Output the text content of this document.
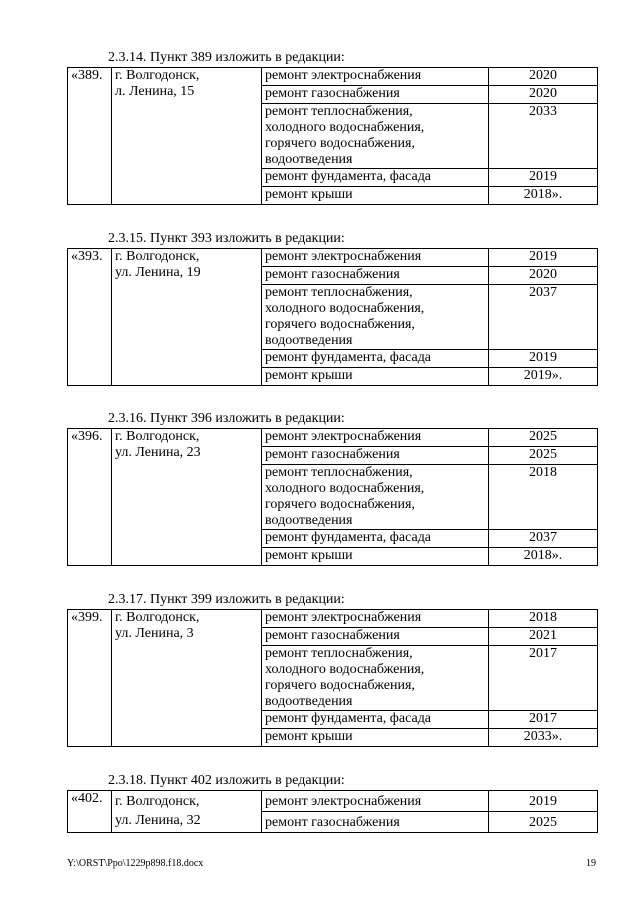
2.3.14. Пункт 389 изложить в редакции:
«389.	г. Волгодонск,
л. Ленина, 15	ремонт электроснабжения	2020
		ремонт газоснабжения	2020
		ремонт теплоснабжения,
холодного водоснабжения,
горячего водоснабжения,
водоотведения	2033
		ремонт фундамента, фасада	2019
		ремонт крыши	2018».
2.3.15. Пункт 393 изложить в редакции:
«393.	г. Волгодонск,
ул. Ленина, 19	ремонт электроснабжения	2019
		ремонт газоснабжения	2020
		ремонт теплоснабжения,
холодного водоснабжения,
горячего водоснабжения,
водоотведения	2037
		ремонт фундамента, фасада	2019
		ремонт крыши	2019».
2.3.16. Пункт 396 изложить в редакции:
«396.	г. Волгодонск,
ул. Ленина, 23	ремонт электроснабжения	2025
		ремонт газоснабжения	2025
		ремонт теплоснабжения,
холодного водоснабжения,
горячего водоснабжения,
водоотведения	2018
		ремонт фундамента, фасада	2037
		ремонт крыши	2018».
2.3.17. Пункт 399 изложить в редакции:
«399.	г. Волгодонск,
ул. Ленина, 3	ремонт электроснабжения	2018
		ремонт газоснабжения	2021
		ремонт теплоснабжения,
холодного водоснабжения,
горячего водоснабжения,
водоотведения	2017
		ремонт фундамента, фасада	2017
		ремонт крыши	2033».
2.3.18. Пункт 402 изложить в редакции:
«402.	г. Волгодонск,
ул. Ленина, 32	ремонт электроснабжения	2019
		ремонт газоснабжения	2025
Y:\ORST\Ppo\1229p898.f18.docx	19
